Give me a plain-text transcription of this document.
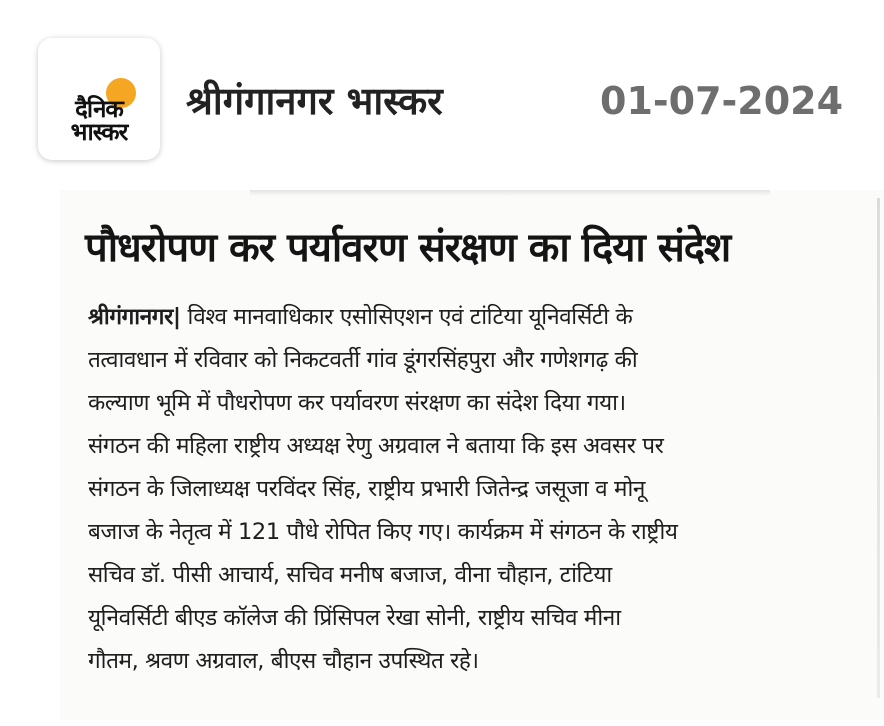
दैनिक
भास्कर
श्रीगंगानगर भास्कर	01-07-2024
पौधरोपण कर पर्यावरण संरक्षण का दिया संदेश
श्रीगंगानगर| विश्व मानवाधिकार एसोसिएशन एवं टांटिया यूनिवर्सिटी के
तत्वावधान में रविवार को निकटवर्ती गांव डूंगरसिंहपुरा और गणेशगढ़ की
कल्याण भूमि में पौधरोपण कर पर्यावरण संरक्षण का संदेश दिया गया।
संगठन की महिला राष्ट्रीय अध्यक्ष रेणु अग्रवाल ने बताया कि इस अवसर पर
संगठन के जिलाध्यक्ष परविंदर सिंह, राष्ट्रीय प्रभारी जितेन्द्र जसूजा व मोनू
बजाज के नेतृत्व में 121 पौधे रोपित किए गए। कार्यक्रम में संगठन के राष्ट्रीय
सचिव डॉ. पीसी आचार्य, सचिव मनीष बजाज, वीना चौहान, टांटिया
यूनिवर्सिटी बीएड कॉलेज की प्रिंसिपल रेखा सोनी, राष्ट्रीय सचिव मीना
गौतम, श्रवण अग्रवाल, बीएस चौहान उपस्थित रहे।
